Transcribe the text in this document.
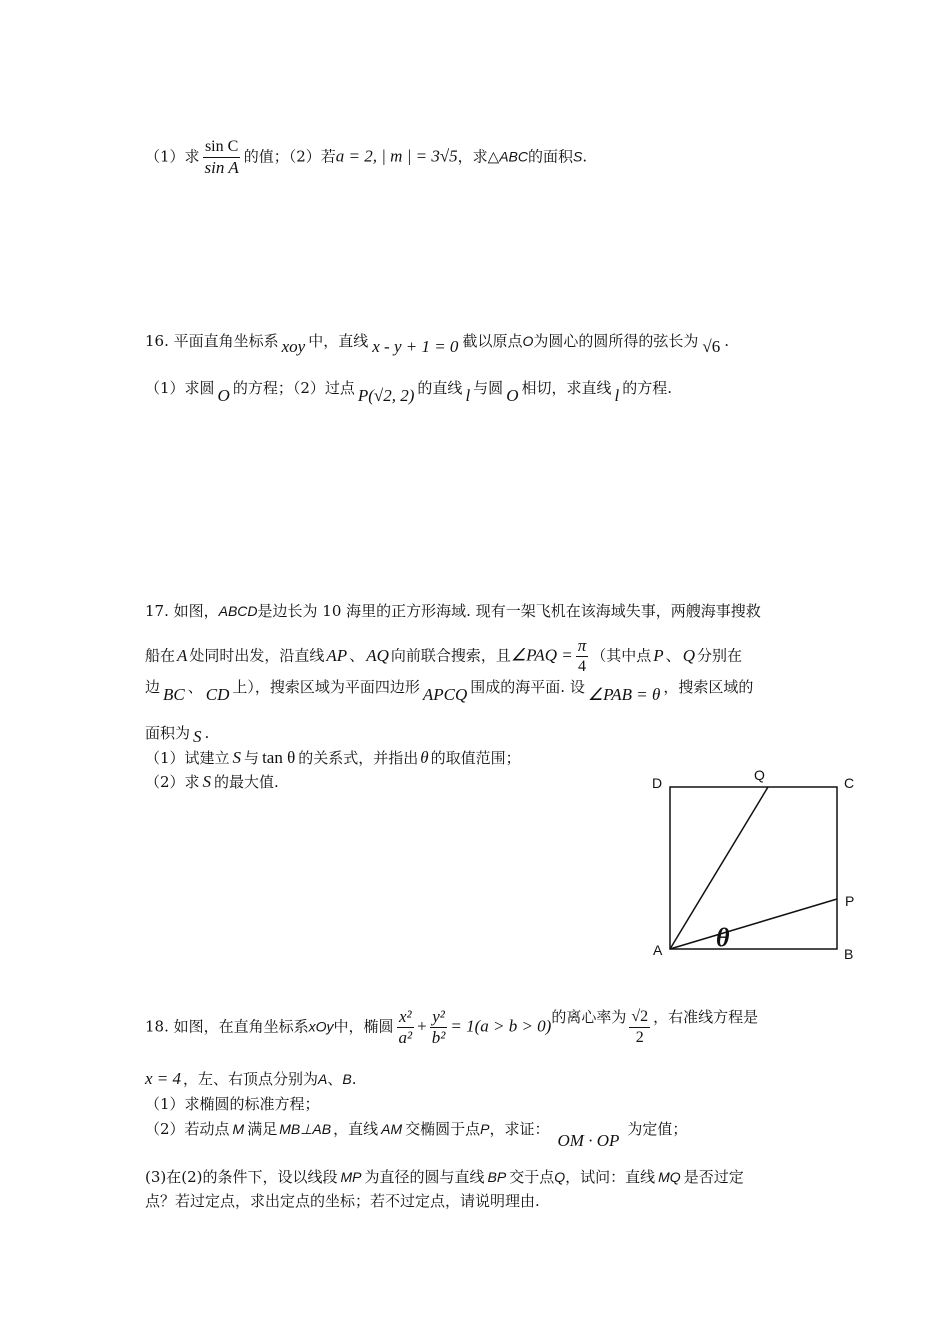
（1）求 $\frac{\text{sin C}}{\text{sin A}}$ 的值；（2）若a = 2, | m | = 3√5，求△ABC的面积S.
16. 平面直角坐标系 xoy 中，直线 x - y + 1 = 0 截以原点O为圆心的圆所得的弦长为 √6 .
（1）求圆 O 的方程；（2）过点 P(√2, 2) 的直线 l 与圆 O 相切，求直线 l 的方程.
17. 如图，ABCD是边长为 10 海里的正方形海域. 现有一架飞机在该海域失事，两艘海事搜救
船在 A 处同时出发，沿直线 AP 、 AQ 向前联合搜索，且∠PAQ = $\frac{\pi}{4}$ （其中点 P 、 Q 分别在
边 BC 、 CD 上），搜索区域为平面四边形 APCQ 围成的海平面. 设 ∠PAB = θ ，搜索区域的
面积为 S .
（1）试建立 S 与 tan θ 的关系式，并指出 θ 的取值范围；
（2）求 S 的最大值.	D	Q	C
P
A	B
θ
18. 如图，在直角坐标系xOy中，椭圆 $\frac{\text{x²}}{\text{a²}} + \frac{\text{y²}}{\text{b²}} = 1(a > b > 0)$的离心率为 $\frac{√2}{2}$ ，右准线方程是
x = 4 ，左、右顶点分别为A、B.
（1）求椭圆的标准方程；
（2）若动点 M 满足 MB⊥AB ，直线 AM 交椭圆于点P，求证：OM · OP为定值；
(3)在(2)的条件下，设以线段 MP 为直径的圆与直线 BP 交于点Q，试问：直线 MQ 是否过定
点？若过定点，求出定点的坐标；若不过定点，请说明理由.
